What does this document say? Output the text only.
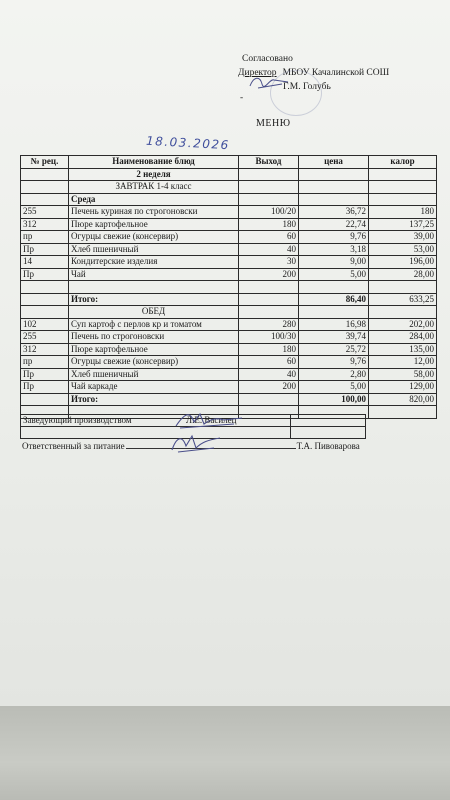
Согласовано
Директор МБОУ Качалинской СОШ
Г.М. Голубь
-
МЕНЮ
18.03.2026
№ рец.	Наименование блюд	Выход	цена	калор
	2 неделя			
	ЗАВТРАК 1-4 класс			
	Среда			
255	Печень куриная по строгоновски	100/20	36,72	180
312	Пюре картофельное	180	22,74	137,25
пр	Огурцы свежие (консервир)	60	9,76	39,00
Пр	Хлеб пшеничный	40	3,18	53,00
14	Кондитерские изделия	30	9,00	196,00
Пр	Чай	200	5,00	28,00

	Итого:		86,40	633,25
	ОБЕД			
102	Суп картоф с перлов кр и томатом	280	16,98	202,00
255	Печень по строгоновски	100/30	39,74	284,00
312	Пюре картофельное	180	25,72	135,00
пр	Огурцы свежие (консервир)	60	9,76	12,00
Пр	Хлеб пшеничный	40	2,80	58,00
Пр	Чай каркаде	200	5,00	129,00
	Итого:		100,00	820,00

Заведующий производством Л.Е. Василец	

Ответственный за питание	Т.А. Пивоварова
